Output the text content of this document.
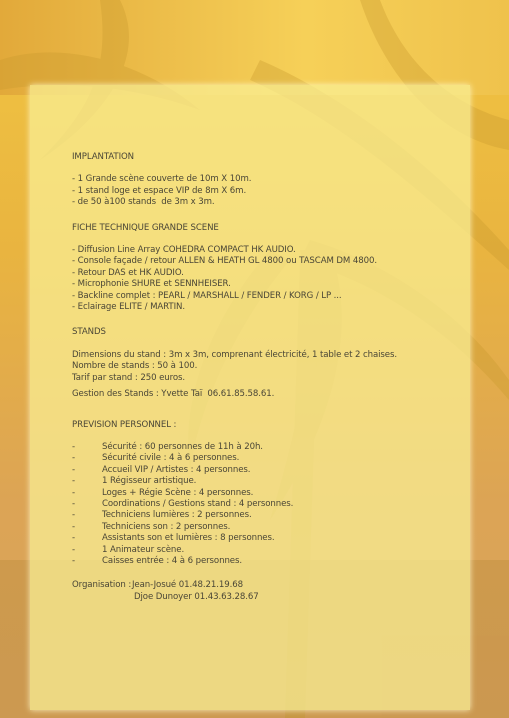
IMPLANTATION

- 1 Grande scène couverte de 10m X 10m.
- 1 stand loge et espace VIP de 8m X 6m.
- de 50 à100 stands  de 3m x 3m.

FICHE TECHNIQUE GRANDE SCENE

- Diffusion Line Array COHEDRA COMPACT HK AUDIO.
- Console façade / retour ALLEN & HEATH GL 4800 ou TASCAM DM 4800.
- Retour DAS et HK AUDIO.
- Microphonie SHURE et SENNHEISER.
- Backline complet : PEARL / MARSHALL / FENDER / KORG / LP ...
- Eclairage ELITE / MARTIN.

STANDS

Dimensions du stand : 3m x 3m, comprenant électricité, 1 table et 2 chaises.
Nombre de stands : 50 à 100.
Tarif par stand : 250 euros.
Gestion des Stands : Yvette Taï  06.61.85.58.61.

PREVISION PERSONNEL :

-	Sécurité : 60 personnes de 11h à 20h.
-	Sécurité civile : 4 à 6 personnes.
-	Accueil VIP / Artistes : 4 personnes.
-	1 Régisseur artistique.
-	Loges + Régie Scène : 4 personnes.
-	Coordinations / Gestions stand : 4 personnes.
-	Techniciens lumières : 2 personnes.
-	Techniciens son : 2 personnes.
-	Assistants son et lumières : 8 personnes.
-	1 Animateur scène.
-	Caisses entrée : 4 à 6 personnes.
Organisation : Jean-Josué 01.48.21.19.68
Djoe Dunoyer 01.43.63.28.67
